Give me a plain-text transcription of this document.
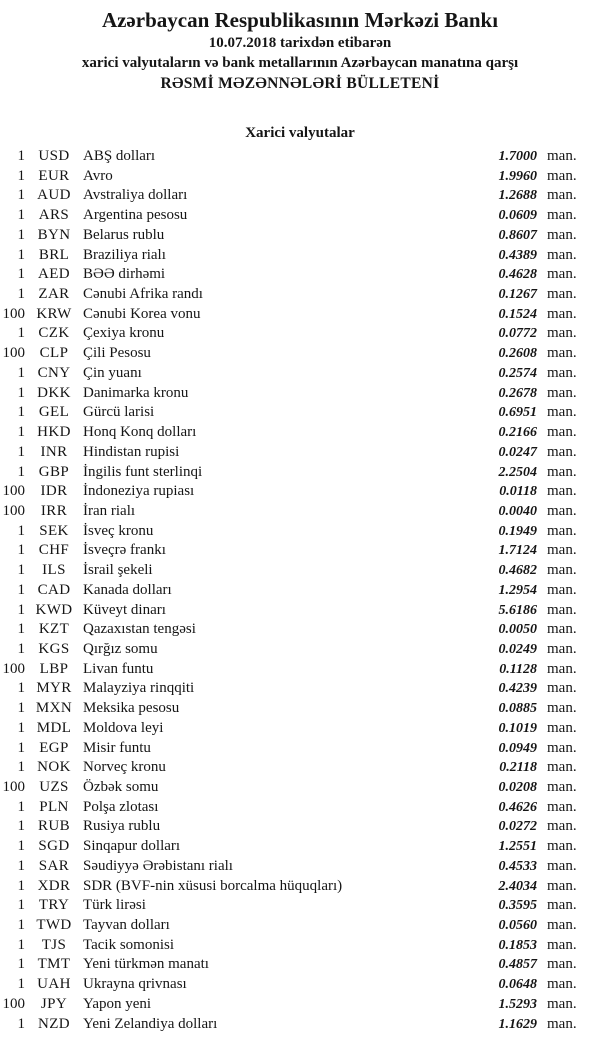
Azərbaycan Respublikasının Mərkəzi Bankı
10.07.2018 tarixdən etibarən
xarici valyutaların və bank metallarının Azərbaycan manatına qarşı
RƏSMİ MƏZƏNNƏLƏRİ BÜLLETENİ
Xarici valyutalar
1 USD ABŞ dolları	1.7000 man.
1 EUR Avro	1.9960 man.
1 AUD Avstraliya dolları	1.2688 man.
1 ARS Argentina pesosu	0.0609 man.
1 BYN Belarus rublu	0.8607 man.
1 BRL Braziliya rialı	0.4389 man.
1 AED BƏƏ dirhəmi	0.4628 man.
1 ZAR Cənubi Afrika randı	0.1267 man.
100 KRW Cənubi Korea vonu	0.1524 man.
1 CZK Çexiya kronu	0.0772 man.
100 CLP Çili Pesosu	0.2608 man.
1 CNY Çin yuanı	0.2574 man.
1 DKK Danimarka kronu	0.2678 man.
1 GEL Gürcü larisi	0.6951 man.
1 HKD Honq Konq dolları	0.2166 man.
1	INR	Hindistan rupisi	0.0247 man.
1 GBP İngilis funt sterlinqi	2.2504 man.
100	IDR	İndoneziya rupiası	0.0118 man.
100	IRR	İran rialı	0.0040 man.
1 SEK İsveç kronu	0.1949 man.
1 CHF İsveçrə frankı	1.7124 man.
1	ILS	İsrail şekeli	0.4682 man.
1 CAD Kanada dolları	1.2954 man.
1 KWD Küveyt dinarı	5.6186 man.
1 KZT Qazaxıstan tengəsi	0.0050 man.
1 KGS Qırğız somu	0.0249 man.
100 LBP Livan funtu	0.1128 man.
1 MYR Malayziya rinqqiti	0.4239 man.
1 MXN Meksika pesosu	0.0885 man.
1 MDL Moldova leyi	0.1019 man.
1 EGP Misir funtu	0.0949 man.
1 NOK Norveç kronu	0.2118 man.
100 UZS Özbək somu	0.0208 man.
1 PLN Polşa zlotası	0.4626 man.
1 RUB Rusiya rublu	0.0272 man.
1 SGD Sinqapur dolları	1.2551 man.
1 SAR Səudiyyə Ərəbistanı rialı	0.4533 man.
1 XDR SDR (BVF-nin xüsusi borcalma hüquqları)	2.4034 man.
1 TRY Türk lirəsi	0.3595 man.
1 TWD Tayvan dolları	0.0560 man.
1	TJS	Tacik somonisi	0.1853 man.
1 TMT Yeni türkmən manatı	0.4857 man.
1 UAH Ukrayna qrivnası	0.0648 man.
100	JPY	Yapon yeni	1.5293 man.
1 NZD Yeni Zelandiya dolları	1.1629 man.
